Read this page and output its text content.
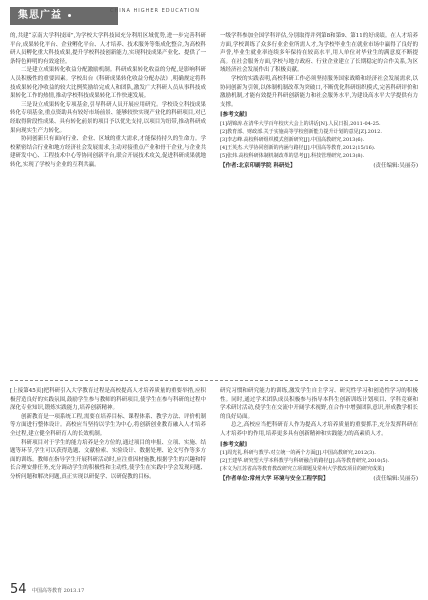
集思广益	CHINA HIGHER EDUCATION

的,共建“京南大学科技园”,为学校大学科技园充分利用区域优势,进一步完善科研平台,成果转化平台、企业孵化平台、人才培养、技术服务等集成化整合,为高校科研人员孵化重大科技成果,提升学校科技创新能力,实现科技成果产业化、提供了一条特色鲜明的有效途径。

二是建立成果转化收益分配激励机制。科研成果转化收益的分配,是影响科研人员积极性的重要因素。学校出台《科研成果转化收益分配办法》,明确规定将科技成果转化净收益的较大比例奖励给完成人和团队,激发广大科研人员从事科技成果转化工作的热情,推动学校科技成果转化工作快速发展。

三是设立成果转化专项基金,引导科研人员开展应用研究。学校设立科技成果转化专项基金,重点资助具有较好市场前景、能够较快实现产业化的科研项目,对已经取得阶段性成果、具有转化前景的项目予以优先支持,以项目为纽带,推动科研成果向现实生产力转化。

协同创新只有面向行业、企业、区域的重大需求,才能保持持久的生命力。学校紧密结合行业和地方经济社会发展需求,主动对接重点产业和骨干企业,与企业共建研发中心、工程技术中心等协同创新平台,联合开展技术攻关,促进科研成果就地转化,实现了学校与企业的互利共赢。

一级学科参加全国学科评估,分别取得并列第8和第9、第11的好成绩。在人才培养方面,学校训练了众多行业企业所需人才,为学校毕业生在就业市场中赢得了良好的声誉,毕业生就业率连续多年保持在较高水平,用人单位对毕业生的满意度不断提高。在社会服务方面,学校与地方政府、行业企业建立了长期稳定的合作关系,为区域经济社会发展作出了积极贡献。

学校的实践表明,高校科研工作必须坚持服务国家战略和经济社会发展需求,以协同创新为引领,以体制机制改革为突破口,不断优化科研组织模式,完善科研评价和激励机制,才能有效提升科研创新能力和社会服务水平,为建设高水平大学提供有力支撑。

[参考文献]

[1]胡锦涛.在清华大学百年校庆大会上的讲话[N].人民日报,2011-04-25.

[2]教育部、财政部.关于实施高等学校创新能力提升计划的意见[Z].2012.

[3]李志峰.高校科研组织模式创新研究[J].中国高教研究,2013(6).

[4]王英杰.大学协同创新的内涵与路径[J].中国高等教育,2012(15/16).

[5]张炜.高校科研体制机制改革的思考[J].科技管理研究,2013(8).

【作者:北京印刷学院 科研处】	(责任编辑:吴丽芬)

[上接第45页]把科研引入大学教育过程是高校提高人才培养质量的重要举措,应积极营造良好的实践氛围,鼓励学生参与教师的科研项目,使学生在参与科研的过程中深化专业知识,锻炼实践能力,培养创新精神。

创新教育是一项系统工程,需要在培养目标、课程体系、教学方法、评价机制等方面进行整体设计。高校应当坚持以学生为中心,将创新创业教育融入人才培养全过程,建立健全科研育人的长效机制。

科研项目对于学生的能力培养是全方位的,通过项目的申报、立项、实施、结题等环节,学生可以获得选题、文献检索、实验设计、数据处理、论文写作等多方面的训练。教师在指导学生开展科研活动时,应注重因材施教,根据学生的兴趣和特长合理安排任务,充分调动学生的积极性和主动性,使学生在实践中学会发现问题、分析问题和解决问题,真正实现以研促学、以研促教的目标。

研究习惯和研究能力的训练,激发学生自主学习、研究性学习和创造性学习的积极性。同时,通过学术团队成员积极参与指导本科生创新训练计划项目、学科竞赛和学术研讨活动,使学生在交流中开阔学术视野,在合作中增强团队意识,形成教学相长的良好局面。

总之,高校应当把科研育人作为提高人才培养质量的重要抓手,充分发挥科研在人才培养中的作用,培养更多具有创新精神和实践能力的高素质人才。

[参考文献]

[1]周光礼.科研与教学:对立统一的两个方面[J].中国高教研究,2012(3).

[2]王建华.研究型大学本科教学与科研融合的路径[J].高等教育研究,2010(5).

[本文为江苏省高等教育教改研究立项课题及常州大学教改项目的研究成果]

【作者单位:常州大学 环境与安全工程学院】	(责任编辑:吴丽芬)
54 中国高等教育 2013.17
